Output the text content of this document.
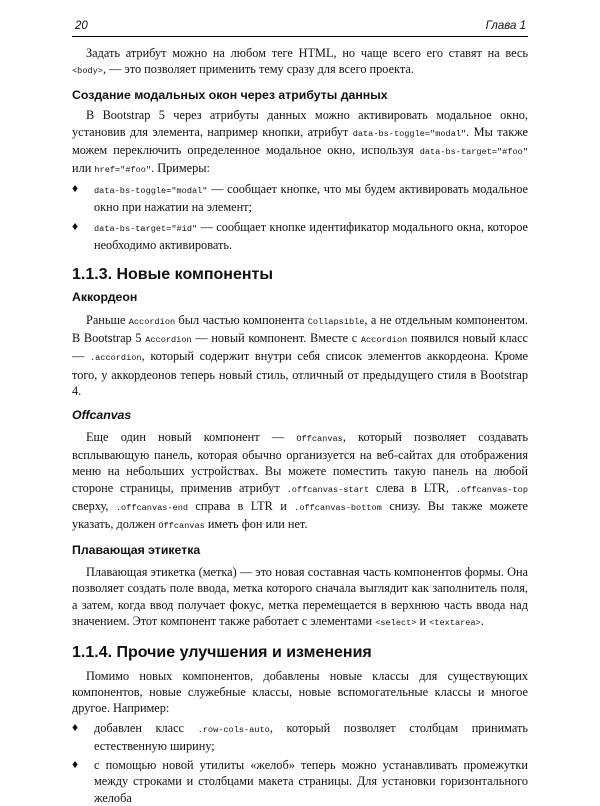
20	Глава 1

Задать атрибут можно на любом теге HTML, но чаще всего его ставят на весь <body>, — это позволяет применить тему сразу для всего проекта.

Создание модальных окон через атрибуты данных

В Bootstrap 5 через атрибуты данных можно активировать модальное окно, установив для элемента, например кнопки, атрибут data-bs-toggle="modal". Мы также можем переключить определенное модальное окно, используя data-bs-target="#foo" или href="#foo". Примеры:

♦ data-bs-toggle="modal" — сообщает кнопке, что мы будем активировать модальное окно при нажатии на элемент;

♦ data-bs-target="#id" — сообщает кнопке идентификатор модального окна, которое необходимо активировать.

1.1.3. Новые компоненты
Аккордеон

Раньше Accordion был частью компонента Collapsible, а не отдельным компонентом. В Bootstrap 5 Accordion — новый компонент. Вместе с Accordion появился новый класс — .accordion, который содержит внутри себя список элементов аккордеона. Кроме того, у аккордеонов теперь новый стиль, отличный от предыдущего стиля в Bootstrap 4.

Offcanvas

Еще один новый компонент — Offcanvas, который позволяет создавать всплывающую панель, которая обычно организуется на веб-сайтах для отображения меню на небольших устройствах. Вы можете поместить такую панель на любой стороне страницы, применив атрибут .offcanvas-start слева в LTR, .offcanvas-top сверху, .offcanvas-end справа в LTR и .offcanvas-bottom снизу. Вы также можете указать, должен Offcanvas иметь фон или нет.

Плавающая этикетка

Плавающая этикетка (метка) — это новая составная часть компонентов формы. Она позволяет создать поле ввода, метка которого сначала выглядит как заполнитель поля, а затем, когда ввод получает фокус, метка перемещается в верхнюю часть ввода над значением. Этот компонент также работает с элементами <select> и <textarea>.

1.1.4. Прочие улучшения и изменения

Помимо новых компонентов, добавлены новые классы для существующих компонентов, новые служебные классы, новые вспомогательные классы и многое другое. Например:

♦ добавлен класс .row-cols-auto, который позволяет столбцам принимать естественную ширину;

♦ с помощью новой утилиты «желоб» теперь можно устанавливать промежутки между строками и столбцами макета страницы. Для установки горизонтального желоба
